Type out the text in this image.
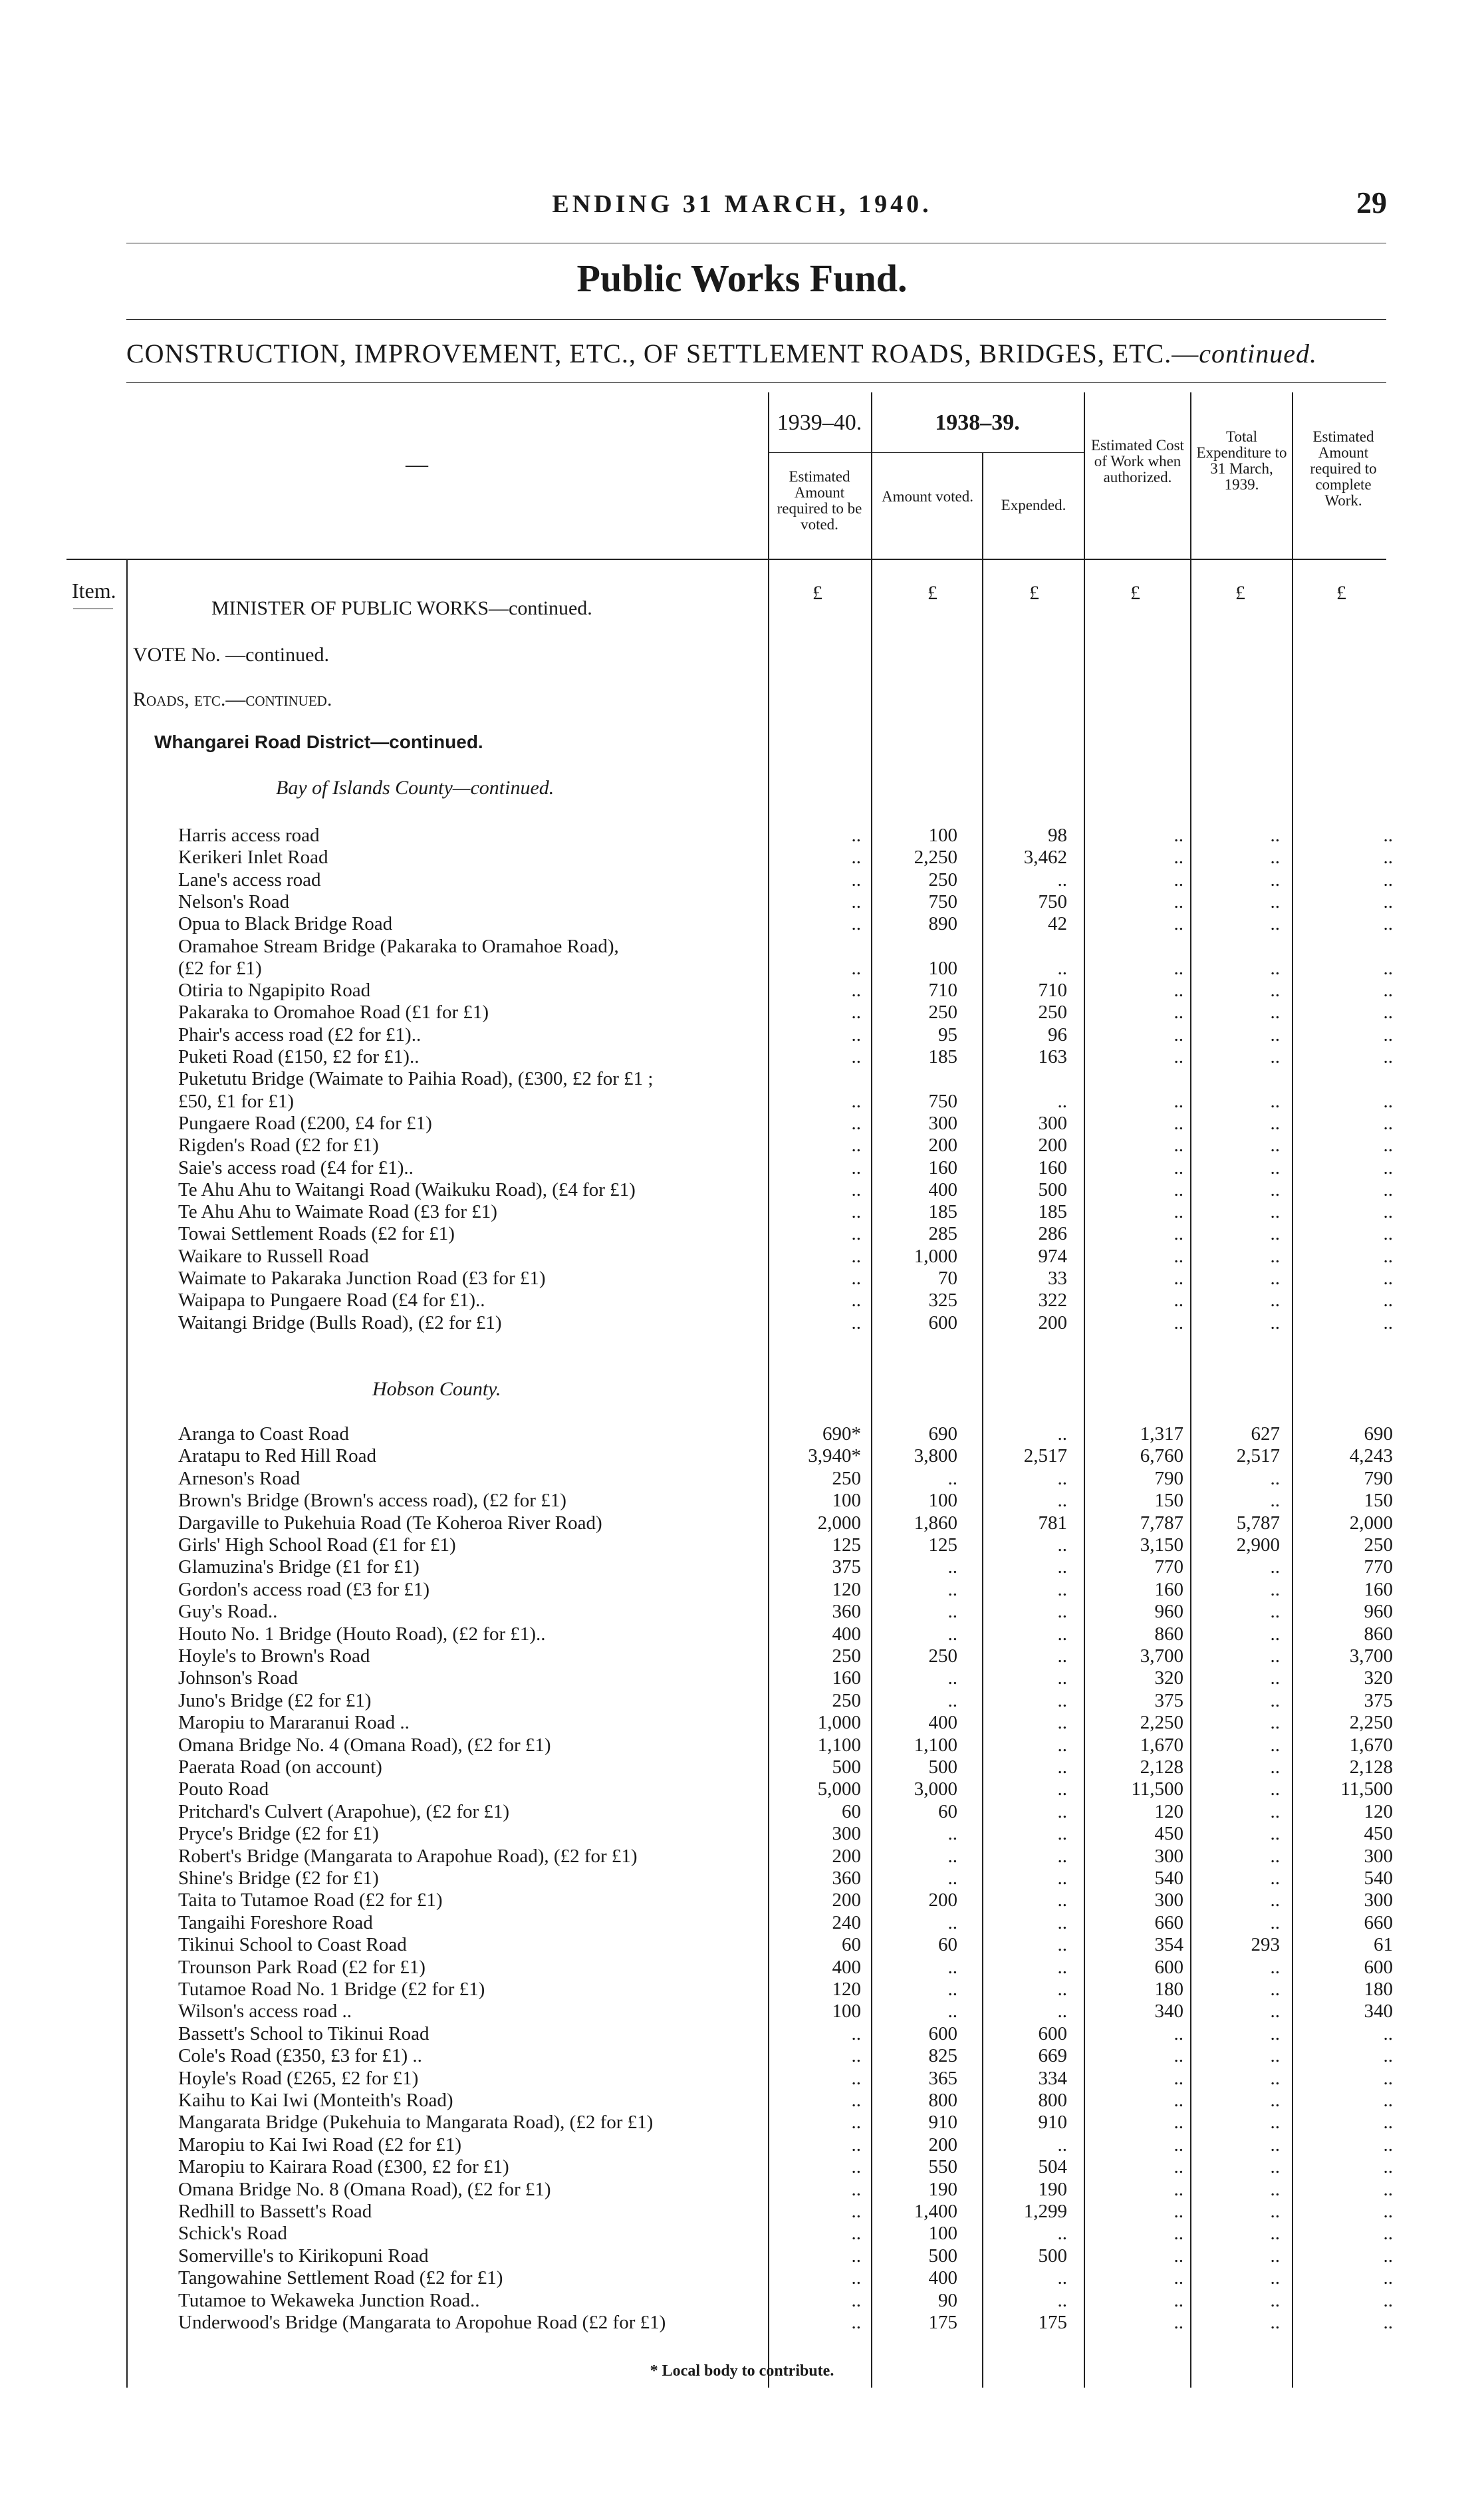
ENDING 31 MARCH, 1940.	29
Public Works Fund.
CONSTRUCTION, IMPROVEMENT, ETC., OF SETTLEMENT ROADS, BRIDGES, ETC.—continued.
1939–40.	1938–39.
Estimated Amount required to be voted.
Amount voted.
Expended.
Estimated Cost of Work when authorized.
Total Expenditure to 31 March, 1939.
Estimated Amount required to complete Work.
—
Item.	£	£	£	£	£	£
MINISTER OF PUBLIC WORKS—continued.
VOTE No. —continued.
Roads, etc.—continued.
Whangarei Road District—continued.
Bay of Islands County—continued.
Hobson County.
Harris access road	..	100	98	..	..	..
Kerikeri Inlet Road	..	2,250	3,462	..	..	..
Lane's access road	..	250	..	..	..	..
Nelson's Road	..	750	750	..	..	..
Opua to Black Bridge Road	..	890	42	..	..	..
Oramahoe Stream Bridge (Pakaraka to Oramahoe Road),
(£2 for £1)	..	100	..	..	..	..
Otiria to Ngapipito Road	..	710	710	..	..	..
Pakaraka to Oromahoe Road (£1 for £1)	..	250	250	..	..	..
Phair's access road (£2 for £1)..	..	95	96	..	..	..
Puketi Road (£150, £2 for £1)..	..	185	163	..	..	..
Puketutu Bridge (Waimate to Paihia Road), (£300, £2 for £1 ;
£50, £1 for £1)	..	750	..	..	..	..
Pungaere Road (£200, £4 for £1)	..	300	300	..	..	..
Rigden's Road (£2 for £1)	..	200	200	..	..	..
Saie's access road (£4 for £1)..	..	160	160	..	..	..
Te Ahu Ahu to Waitangi Road (Waikuku Road), (£4 for £1)	..	400	500	..	..	..
Te Ahu Ahu to Waimate Road (£3 for £1)	..	185	185	..	..	..
Towai Settlement Roads (£2 for £1)	..	285	286	..	..	..
Waikare to Russell Road	..	1,000	974	..	..	..
Waimate to Pakaraka Junction Road (£3 for £1)	..	70	33	..	..	..
Waipapa to Pungaere Road (£4 for £1)..	..	325	322	..	..	..
Waitangi Bridge (Bulls Road), (£2 for £1)	..	600	200	..	..	..
Aranga to Coast Road	690*	690	..	1,317	627	690
Aratapu to Red Hill Road	3,940*	3,800	2,517	6,760	2,517	4,243
Arneson's Road	250	..	..	790	..	790
Brown's Bridge (Brown's access road), (£2 for £1)	100	100	..	150	..	150
Dargaville to Pukehuia Road (Te Koheroa River Road)	2,000	1,860	781	7,787	5,787	2,000
Girls' High School Road (£1 for £1)	125	125	..	3,150	2,900	250
Glamuzina's Bridge (£1 for £1)	375	..	..	770	..	770
Gordon's access road (£3 for £1)	120	..	..	160	..	160
Guy's Road..	360	..	..	960	..	960
Houto No. 1 Bridge (Houto Road), (£2 for £1)..	400	..	..	860	..	860
Hoyle's to Brown's Road	250	250	..	3,700	..	3,700
Johnson's Road	160	..	..	320	..	320
Juno's Bridge (£2 for £1)	250	..	..	375	..	375
Maropiu to Mararanui Road ..	1,000	400	..	2,250	..	2,250
Omana Bridge No. 4 (Omana Road), (£2 for £1)	1,100	1,100	..	1,670	..	1,670
Paerata Road (on account)	500	500	..	2,128	..	2,128
Pouto Road	5,000	3,000	..	11,500	..	11,500
Pritchard's Culvert (Arapohue), (£2 for £1)	60	60	..	120	..	120
Pryce's Bridge (£2 for £1)	300	..	..	450	..	450
Robert's Bridge (Mangarata to Arapohue Road), (£2 for £1)	200	..	..	300	..	300
Shine's Bridge (£2 for £1)	360	..	..	540	..	540
Taita to Tutamoe Road (£2 for £1)	200	200	..	300	..	300
Tangaihi Foreshore Road	240	..	..	660	..	660
Tikinui School to Coast Road	60	60	..	354	293	61
Trounson Park Road (£2 for £1)	400	..	..	600	..	600
Tutamoe Road No. 1 Bridge (£2 for £1)	120	..	..	180	..	180
Wilson's access road ..	100	..	..	340	..	340
Bassett's School to Tikinui Road	..	600	600	..	..	..
Cole's Road (£350, £3 for £1) ..	..	825	669	..	..	..
Hoyle's Road (£265, £2 for £1)	..	365	334	..	..	..
Kaihu to Kai Iwi (Monteith's Road)	..	800	800	..	..	..
Mangarata Bridge (Pukehuia to Mangarata Road), (£2 for £1)	..	910	910	..	..	..
Maropiu to Kai Iwi Road (£2 for £1)	..	200	..	..	..	..
Maropiu to Kairara Road (£300, £2 for £1)	..	550	504	..	..	..
Omana Bridge No. 8 (Omana Road), (£2 for £1)	..	190	190	..	..	..
Redhill to Bassett's Road	..	1,400	1,299	..	..	..
Schick's Road	..	100	..	..	..	..
Somerville's to Kirikopuni Road	..	500	500	..	..	..
Tangowahine Settlement Road (£2 for £1)	..	400	..	..	..	..
Tutamoe to Wekaweka Junction Road..	..	90	..	..	..	..
Underwood's Bridge (Mangarata to Aropohue Road (£2 for £1)	..	175	175	..	..	..
* Local body to contribute.
